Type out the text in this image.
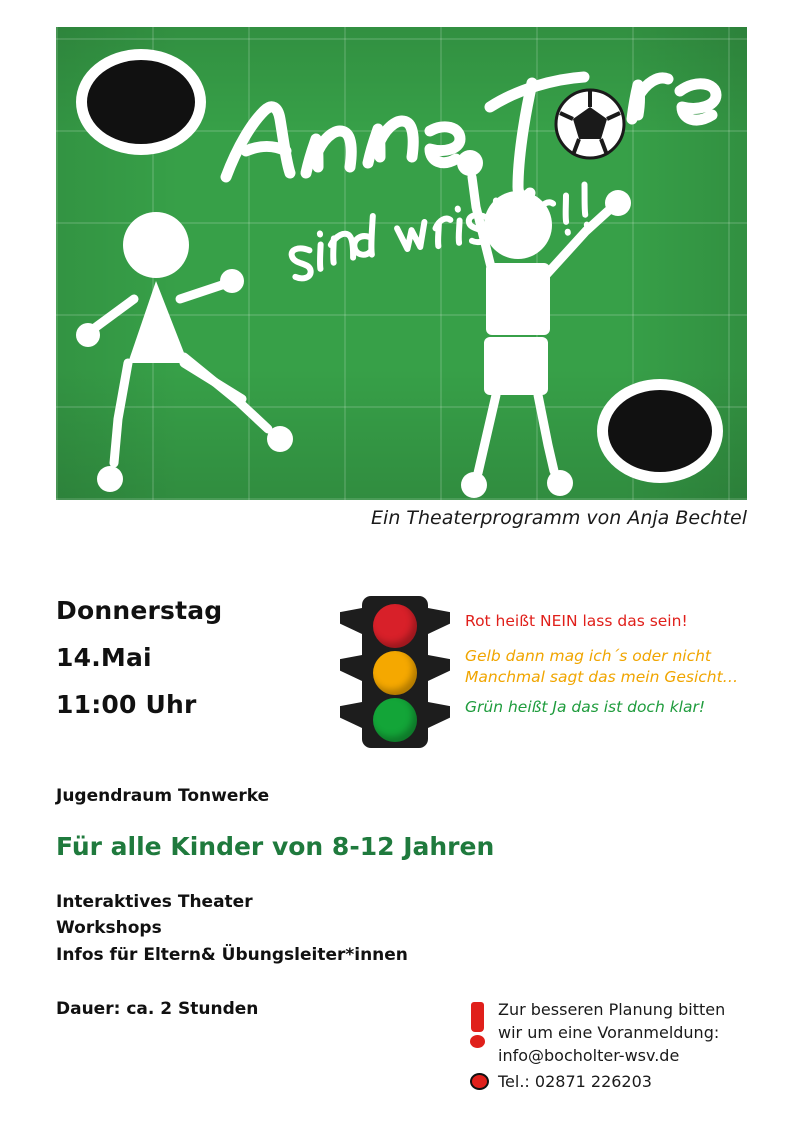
Ein Theaterprogramm von Anja Bechtel
Donnerstag
14.Mai
11:00 Uhr
Rot heißt NEIN lass das sein!
Gelb dann mag ich´s oder nicht
Manchmal sagt das mein Gesicht…
Grün heißt Ja das ist doch klar!
Jugendraum Tonwerke
Für alle Kinder von 8-12 Jahren
Interaktives Theater
Workshops
Infos für Eltern& Übungsleiter*innen
Dauer: ca. 2 Stunden	Zur besseren Planung bitten
wir um eine Voranmeldung:
info@bocholter-wsv.de
Tel.: 02871 226203
